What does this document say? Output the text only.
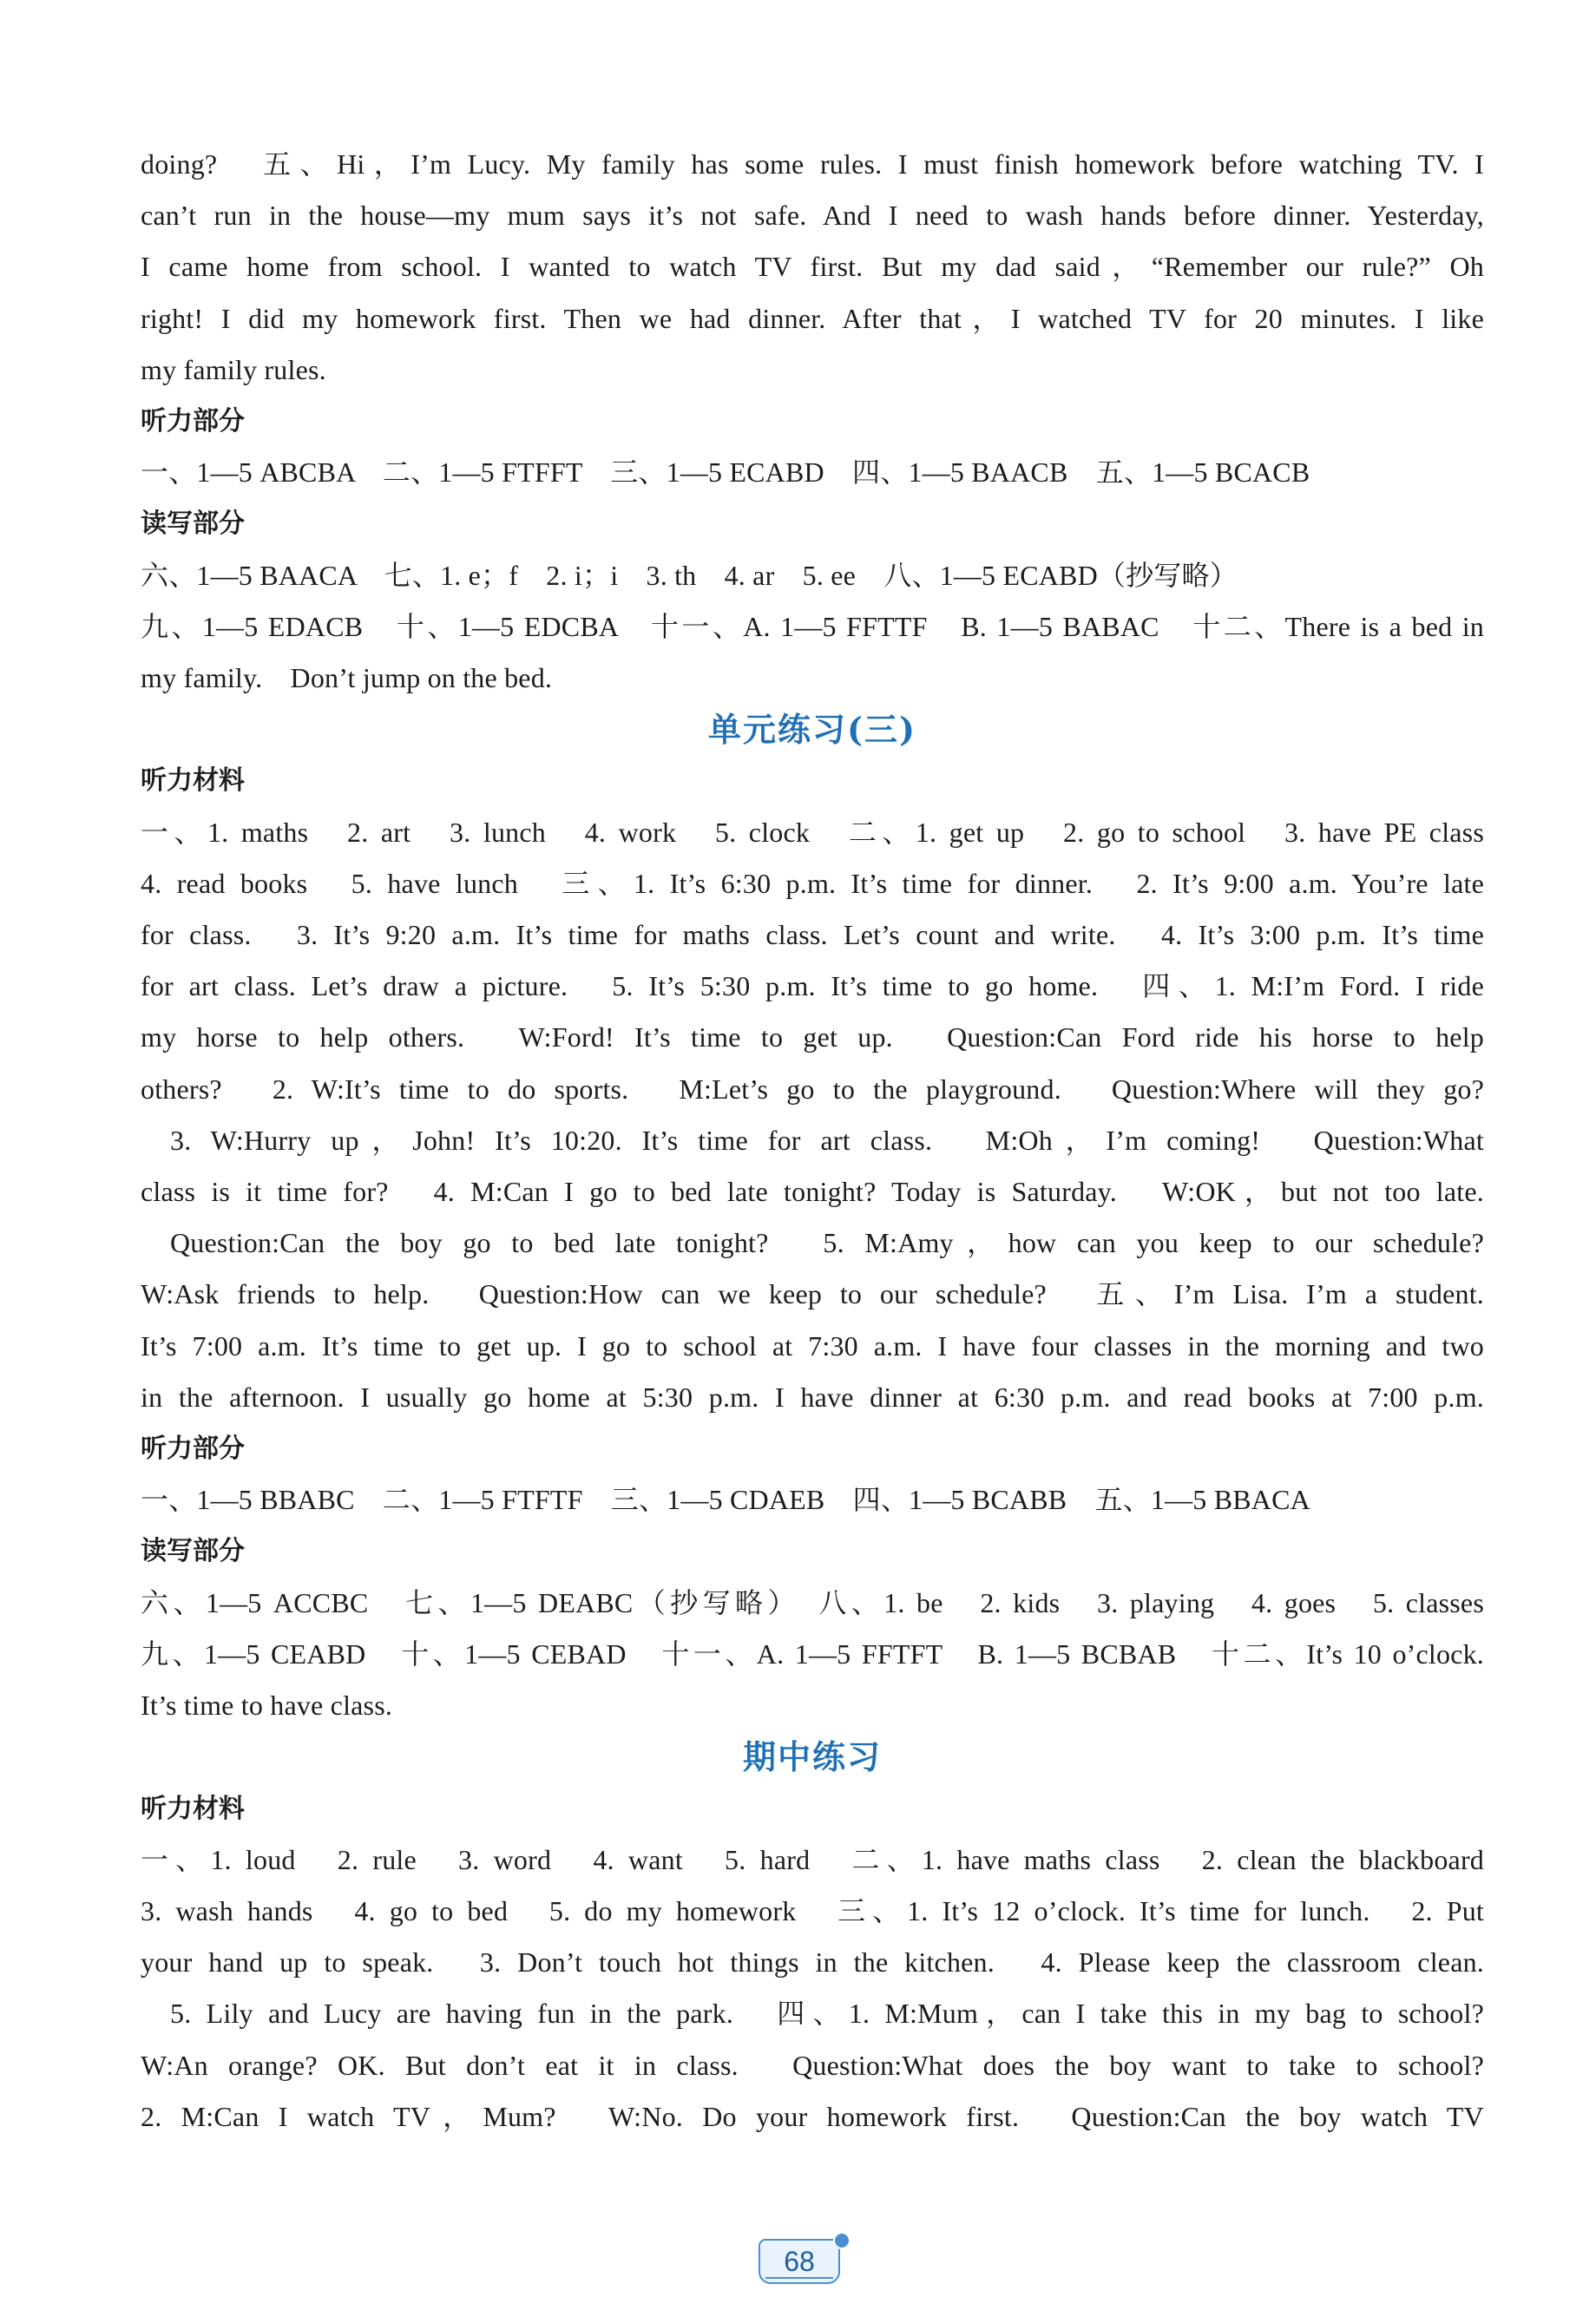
doing?　五、Hi，I’m Lucy. My family has some rules. I must finish homework before watching TV. I
can’t run in the house—my mum says it’s not safe. And I need to wash hands before dinner. Yesterday,
I came home from school. I wanted to watch TV first. But my dad said，“Remember our rule?” Oh
right! I did my homework first. Then we had dinner. After that，I watched TV for 20 minutes. I like
my family rules.
听力部分
一、1—5 ABCBA　二、1—5 FTFFT　三、1—5 ECABD　四、1—5 BAACB　五、1—5 BCACB
读写部分
六、1—5 BAACA　七、1. e；f　2. i；i　3. th　4. ar　5. ee　八、1—5 ECABD（抄写略）
九、1—5 EDACB　十、1—5 EDCBA　十一、A. 1—5 FFTTF　B. 1—5 BABAC　十二、There is a bed in
my family.　Don’t jump on the bed.
单元练习(三)
听力材料
一、1. maths　2. art　3. lunch　4. work　5. clock　二、1. get up　2. go to school　3. have PE class
4. read books　5. have lunch　三、1. It’s 6:30 p.m. It’s time for dinner.　2. It’s 9:00 a.m. You’re late
for class.　3. It’s 9:20 a.m. It’s time for maths class. Let’s count and write.　4. It’s 3:00 p.m. It’s time
for art class. Let’s draw a picture.　5. It’s 5:30 p.m. It’s time to go home.　四、1. M:I’m Ford. I ride
my horse to help others.　W:Ford! It’s time to get up.　Question:Can Ford ride his horse to help
others?　2. W:It’s time to do sports.　M:Let’s go to the playground.　Question:Where will they go?
3. W:Hurry up，John! It’s 10:20. It’s time for art class.　M:Oh，I’m coming!　Question:What
class is it time for?　4. M:Can I go to bed late tonight? Today is Saturday.　W:OK，but not too late.
Question:Can the boy go to bed late tonight?　5. M:Amy，how can you keep to our schedule?
W:Ask friends to help.　Question:How can we keep to our schedule?　五、I’m Lisa. I’m a student.
It’s 7:00 a.m. It’s time to get up. I go to school at 7:30 a.m. I have four classes in the morning and two
in the afternoon. I usually go home at 5:30 p.m. I have dinner at 6:30 p.m. and read books at 7:00 p.m.
听力部分
一、1—5 BBABC　二、1—5 FTFTF　三、1—5 CDAEB　四、1—5 BCABB　五、1—5 BBACA
读写部分
六、1—5 ACCBC　七、1—5 DEABC（抄写略）　八、1. be　2. kids　3. playing　4. goes　5. classes
九、1—5 CEABD　十、1—5 CEBAD　十一、A. 1—5 FFTFT　B. 1—5 BCBAB　十二、It’s 10 o’clock.
It’s time to have class.
期中练习
听力材料
一、1. loud　2. rule　3. word　4. want　5. hard　二、1. have maths class　2. clean the blackboard
3. wash hands　4. go to bed　5. do my homework　三、1. It’s 12 o’clock. It’s time for lunch.　2. Put
your hand up to speak.　3. Don’t touch hot things in the kitchen.　4. Please keep the classroom clean.
5. Lily and Lucy are having fun in the park.　四、1. M:Mum，can I take this in my bag to school?
W:An orange? OK. But don’t eat it in class.　Question:What does the boy want to take to school?
2. M:Can I watch TV，Mum?　W:No. Do your homework first.　Question:Can the boy watch TV
68
